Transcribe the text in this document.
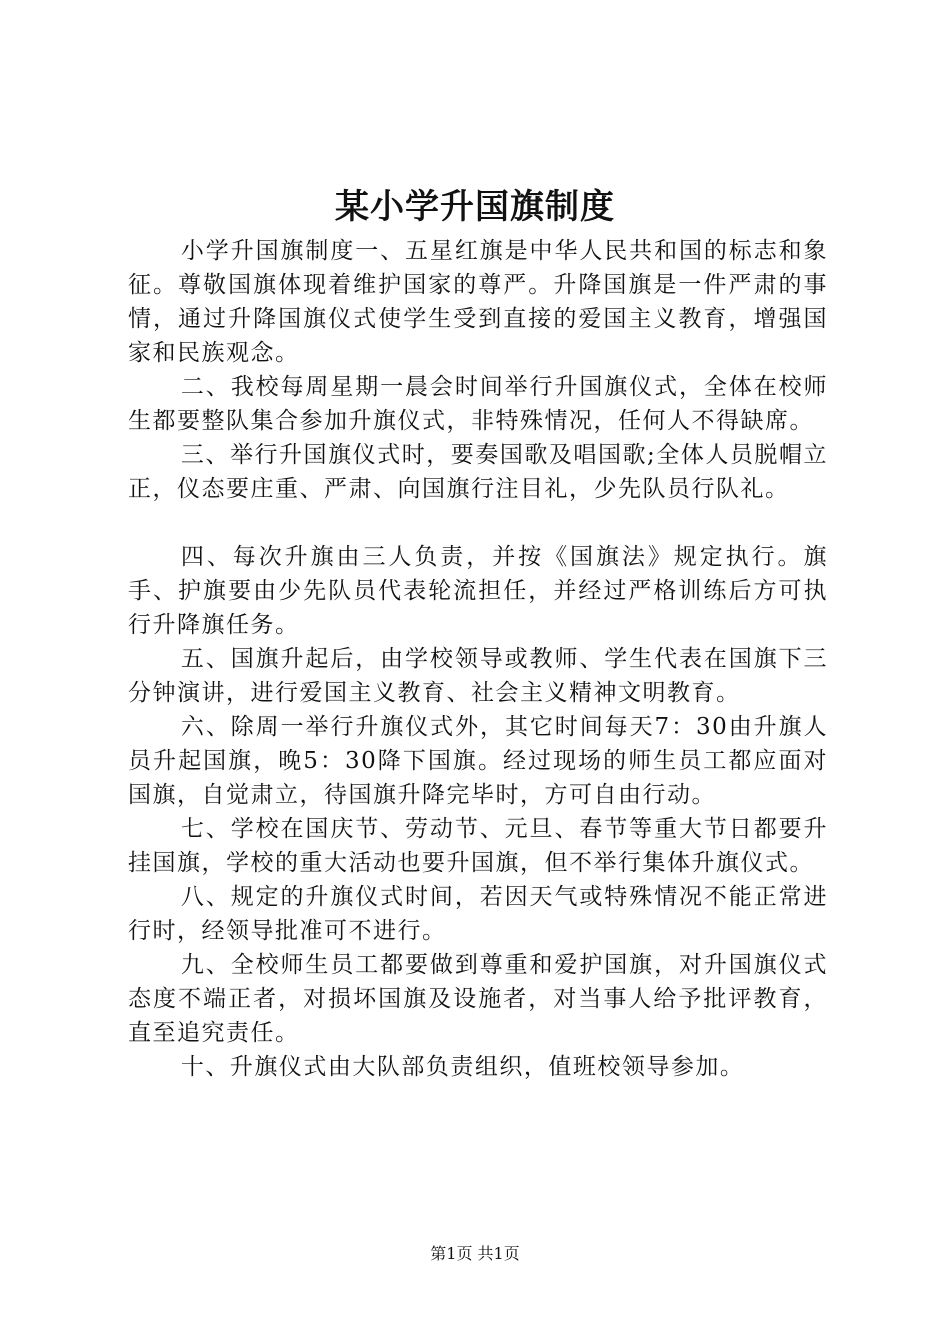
某小学升国旗制度

小学升国旗制度一、五星红旗是中华人民共和国的标志和象征。尊敬国旗体现着维护国家的尊严。升降国旗是一件严肃的事情，通过升降国旗仪式使学生受到直接的爱国主义教育，增强国家和民族观念。

二、我校每周星期一晨会时间举行升国旗仪式，全体在校师生都要整队集合参加升旗仪式，非特殊情况，任何人不得缺席。

三、举行升国旗仪式时，要奏国歌及唱国歌;全体人员脱帽立正，仪态要庄重、严肃、向国旗行注目礼，少先队员行队礼。

四、每次升旗由三人负责，并按《国旗法》规定执行。旗手、护旗要由少先队员代表轮流担任，并经过严格训练后方可执行升降旗任务。

五、国旗升起后，由学校领导或教师、学生代表在国旗下三分钟演讲，进行爱国主义教育、社会主义精神文明教育。

六、除周一举行升旗仪式外，其它时间每天7：30由升旗人员升起国旗，晚5：30降下国旗。经过现场的师生员工都应面对国旗，自觉肃立，待国旗升降完毕时，方可自由行动。

七、学校在国庆节、劳动节、元旦、春节等重大节日都要升挂国旗，学校的重大活动也要升国旗，但不举行集体升旗仪式。

八、规定的升旗仪式时间，若因天气或特殊情况不能正常进行时，经领导批准可不进行。

九、全校师生员工都要做到尊重和爱护国旗，对升国旗仪式态度不端正者，对损坏国旗及设施者，对当事人给予批评教育，直至追究责任。

十、升旗仪式由大队部负责组织，值班校领导参加。

第1页 共1页
